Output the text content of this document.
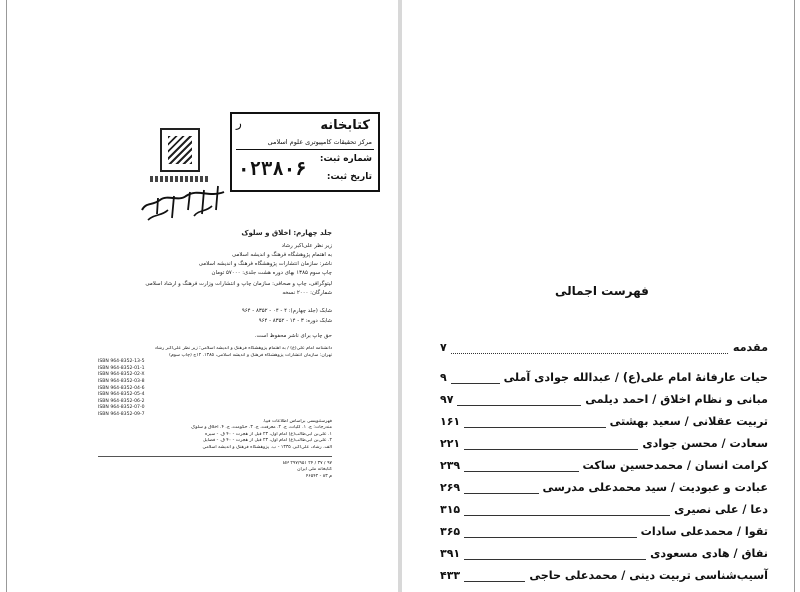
ر	کتابخانه
مرکز تحقیقات کامپیوتری علوم اسلامی
شماره ثبت:
تاریخ ثبت:
۰۲۳۸۰۶
جلد چهارم: اخلاق و سلوک
زیر نظر علی‌اکبر رشاد
به اهتمام پژوهشگاه فرهنگ و اندیشه اسلامی
ناشر: سازمان انتشارات پژوهشگاه فرهنگ و اندیشه اسلامی
چاپ سوم ۱۳۸۵ بهای دوره هشت جلدی: ۵۷۰۰۰ تومان
لیتوگرافی، چاپ و صحافی: سازمان چاپ و انتشارات وزارت فرهنگ و ارشاد اسلامی
شمارگان: ۲۰۰۰ نسخه
شابک (جلد چهارم): ۴ - ۰۴ - ۸۳۵۲ - ۹۶۴
شابک دوره: ۳ - ۱۴ - ۸۳۵۲ - ۹۶۴
حق چاپ برای ناشر محفوظ است.
دانشنامه امام علی(ع) / به اهتمام پژوهشگاه فرهنگ و اندیشه اسلامی؛ زیر نظر علی‌اکبر رشاد
تهران: سازمان انتشارات پژوهشگاه فرهنگ و اندیشه اسلامی، ۱۳۸۵. ۱۲ج (چاپ سوم)
ISBN 964-8352-13-5
ISBN 964-8352-01-1
ISBN 964-8352-02-X
ISBN 964-8352-03-8
ISBN 964-8352-04-6
ISBN 964-8352-05-4
ISBN 964-8352-06-2
ISBN 964-8352-07-0
ISBN 964-8352-09-7
فهرستنویسی براساس اطلاعات فیپا.
مندرجات: ج. ۱. کلیات، ج. ۲. معرفت، ج. ۳. حکومت، ج. ۴. اخلاق و سلوک
۱. علی‌بن ابی‌طالب(ع) امام اول، ۲۳ قبل از هجرت - ۴۰ ق. - سیره
۲. علی‌بن ابی‌طالب(ع) امام اول، ۲۳ قبل از هجرت - ۴۰ ق. - فضایل
الف. رشاد، علی‌اکبر، ۱۳۳۵ - ب. پژوهشگاه فرهنگ و اندیشه اسلامی
۹۷ / ۳۷ / ۲۴ BP ۲۹۷/۹۵۱
کتابخانه ملی ایران
م ۸۳ - ۴۶۵۴۲
فهرست اجمالی
مقدمه
۷
حیات عارفانهٔ امام علی(ع) / عبدالله جوادی آملی
۹
مبانی و نظام اخلاق / احمد دیلمی
۹۷
تربیت عقلانی / سعید بهشتی
۱۶۱
سعادت / محسن جوادی
۲۲۱
کرامت انسان / محمدحسین ساکت
۲۳۹
عبادت و عبودیت / سید محمدعلی مدرسی
۲۶۹
دعا / علی نصیری
۳۱۵
تقوا / محمدعلی سادات
۳۶۵
نفاق / هادی مسعودی
۳۹۱
آسیب‌شناسی تربیت دینی / محمدعلی حاجی
۴۳۳
